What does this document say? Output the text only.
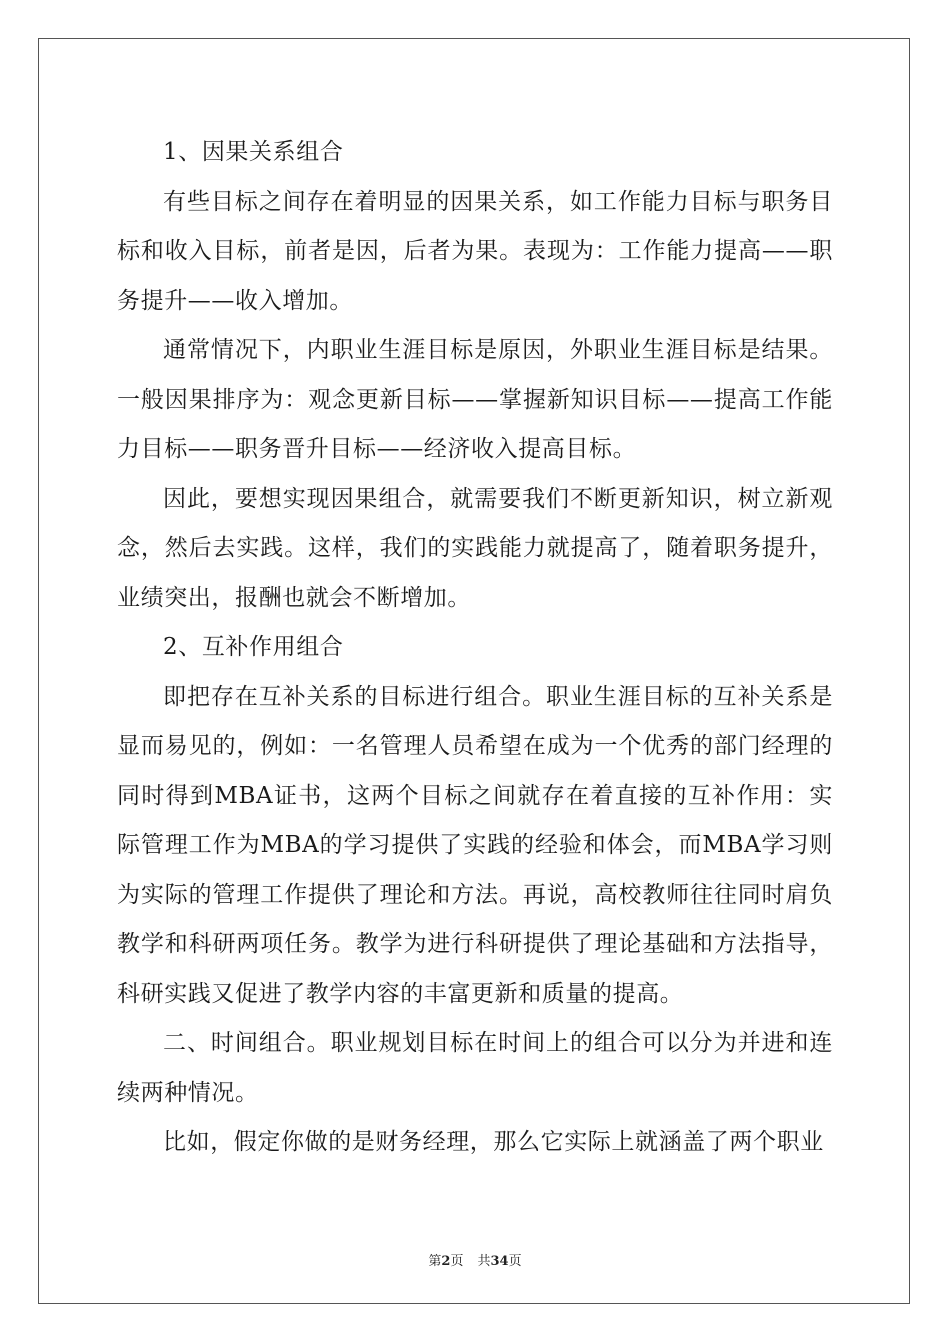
1、因果关系组合

有些目标之间存在着明显的因果关系，如工作能力目标与职务目标和收入目标，前者是因，后者为果。表现为：工作能力提高——职务提升——收入增加。

通常情况下，内职业生涯目标是原因，外职业生涯目标是结果。一般因果排序为：观念更新目标——掌握新知识目标——提高工作能力目标——职务晋升目标——经济收入提高目标。

因此，要想实现因果组合，就需要我们不断更新知识，树立新观念，然后去实践。这样，我们的实践能力就提高了，随着职务提升，业绩突出，报酬也就会不断增加。

2、互补作用组合

即把存在互补关系的目标进行组合。职业生涯目标的互补关系是显而易见的，例如：一名管理人员希望在成为一个优秀的部门经理的同时得到MBA证书，这两个目标之间就存在着直接的互补作用：实际管理工作为MBA的学习提供了实践的经验和体会，而MBA学习则为实际的管理工作提供了理论和方法。再说，高校教师往往同时肩负教学和科研两项任务。教学为进行科研提供了理论基础和方法指导，科研实践又促进了教学内容的丰富更新和质量的提高。

二、时间组合。职业规划目标在时间上的组合可以分为并进和连续两种情况。

比如，假定你做的是财务经理，那么它实际上就涵盖了两个职业

第2页 共34页
